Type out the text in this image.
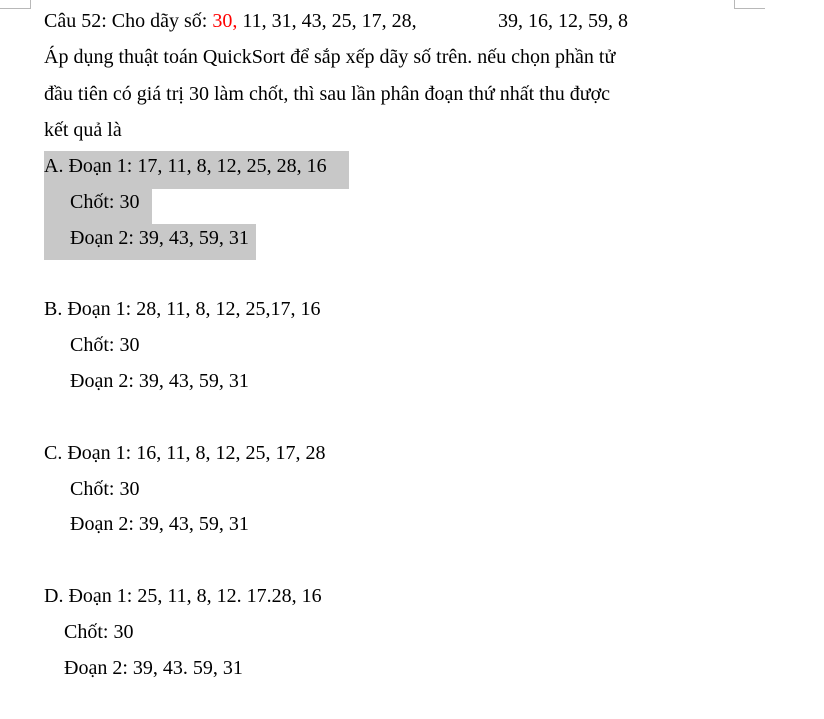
Câu 52: Cho dãy số: 30, 11, 31, 43, 25, 17, 28,	39, 16, 12, 59, 8
Áp dụng thuật toán QuickSort để sắp xếp dãy số trên. nếu chọn phần tử
đầu tiên có giá trị 30 làm chốt, thì sau lần phân đoạn thứ nhất thu được
kết quả là
A. Đoạn 1: 17, 11, 8, 12, 25, 28, 16
Chốt: 30
Đoạn 2: 39, 43, 59, 31
B. Đoạn 1: 28, 11, 8, 12, 25,17, 16
Chốt: 30
Đoạn 2: 39, 43, 59, 31
C. Đoạn 1: 16, 11, 8, 12, 25, 17, 28
Chốt: 30
Đoạn 2: 39, 43, 59, 31
D. Đoạn 1: 25, 11, 8, 12. 17.28, 16
Chốt: 30
Đoạn 2: 39, 43. 59, 31
